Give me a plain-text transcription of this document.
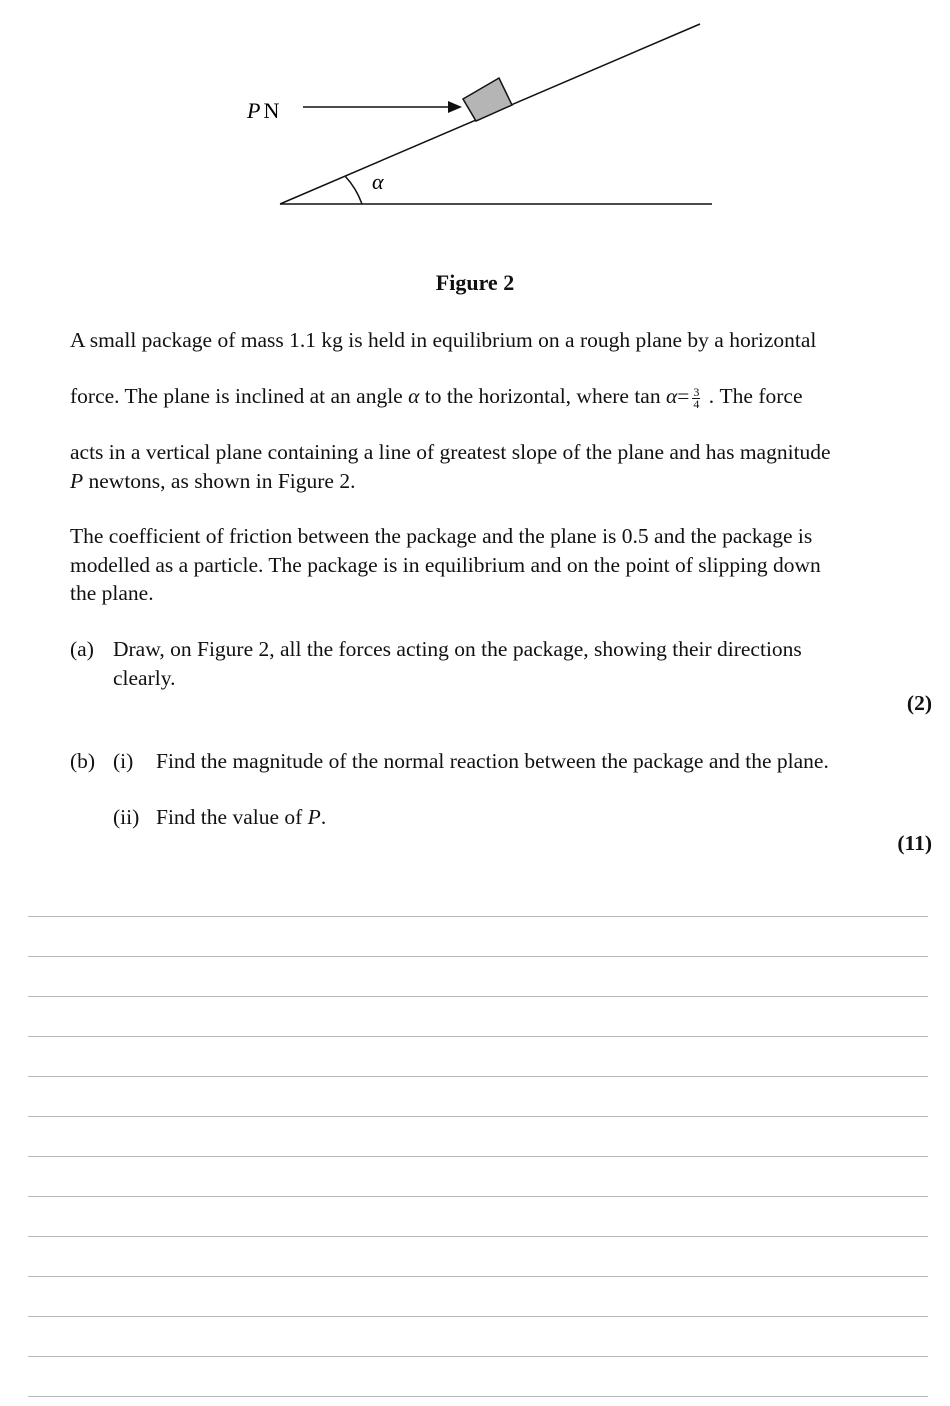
α
P N
Figure 2
A small package of mass 1.1 kg is held in equilibrium on a rough plane by a horizontal
force. The plane is inclined at an angle α to the horizontal, where $\tan \alpha= \frac{3}{4}$ . The force
acts in a vertical plane containing a line of greatest slope of the plane and has magnitude
P newtons, as shown in Figure 2.
The coefficient of friction between the package and the plane is 0.5 and the package is
modelled as a particle. The package is in equilibrium and on the point of slipping down
the plane.
(a) Draw, on Figure 2, all the forces acting on the package, showing their directions
clearly.
(2)
(b) (i) Find the magnitude of the normal reaction between the package and the plane.
(ii) Find the value of P.
(11)
